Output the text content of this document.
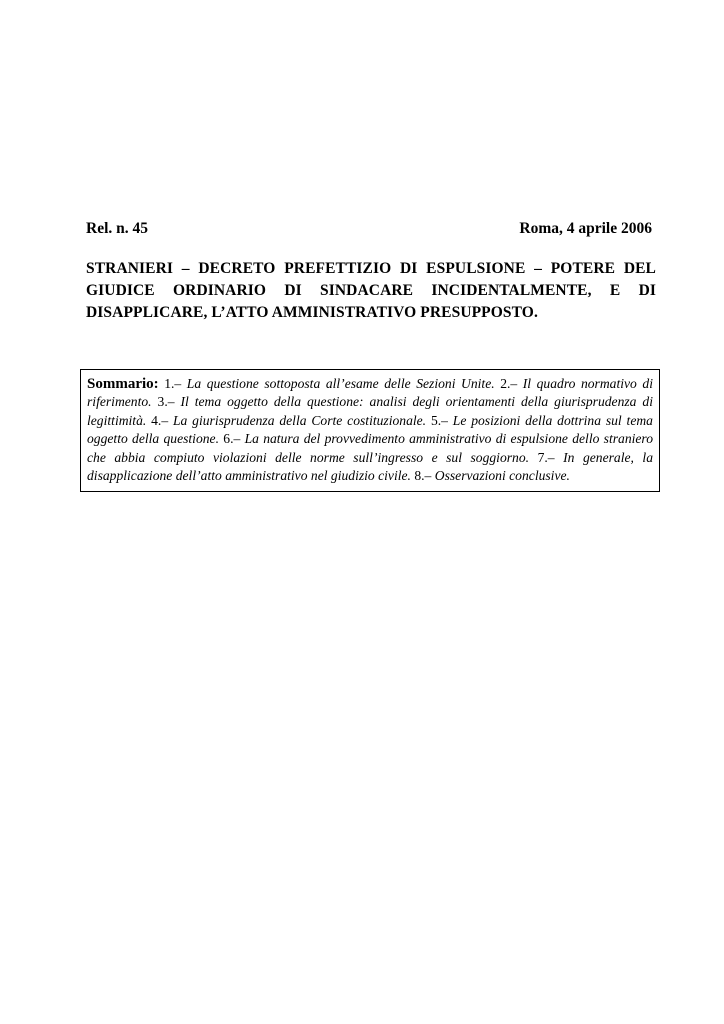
Rel. n. 45	Roma, 4 aprile 2006
STRANIERI – DECRETO PREFETTIZIO DI ESPULSIONE – POTERE DEL GIUDICE ORDINARIO DI SINDACARE INCIDENTALMENTE, E DI DISAPPLICARE, L’ATTO AMMINISTRATIVO PRESUPPOSTO.
Sommario: 1.– La questione sottoposta all’esame delle Sezioni Unite. 2.– Il quadro normativo di riferimento. 3.– Il tema oggetto della questione: analisi degli orientamenti della giurisprudenza di legittimità. 4.– La giurisprudenza della Corte costituzionale. 5.– Le posizioni della dottrina sul tema oggetto della questione. 6.– La natura del provvedimento amministrativo di espulsione dello straniero che abbia compiuto violazioni delle norme sull’ingresso e sul soggiorno. 7.– In generale, la disapplicazione dell’atto amministrativo nel giudizio civile. 8.– Osservazioni conclusive.
